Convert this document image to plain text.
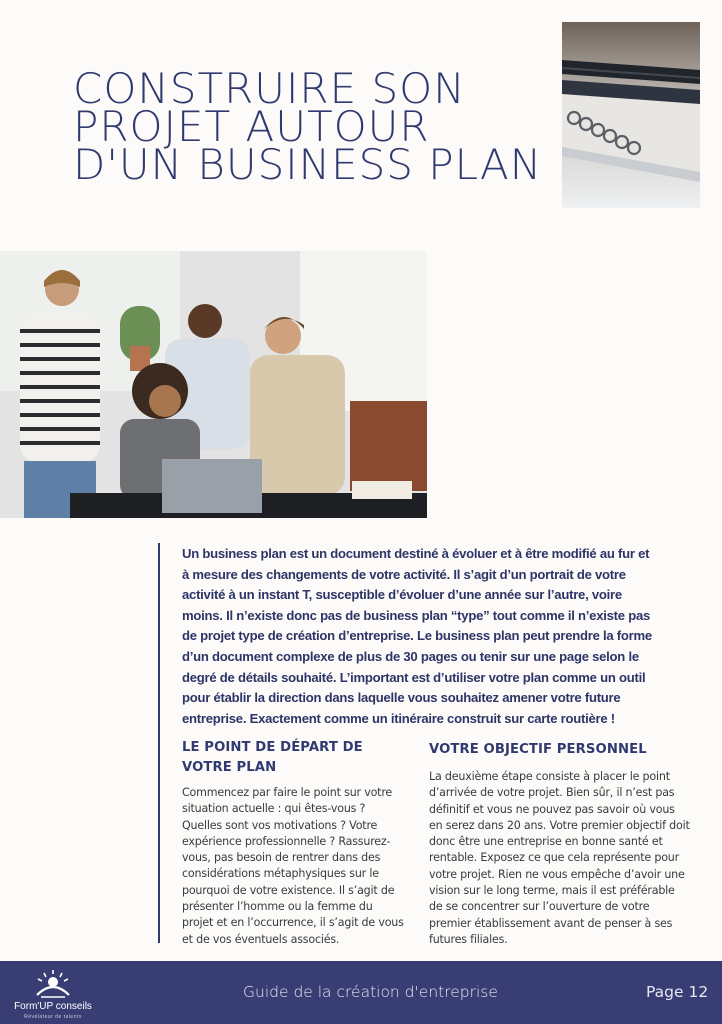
CONSTRUIRE SON PROJET AUTOUR D'UN BUSINESS PLAN

Un business plan est un document destiné à évoluer et à être modifié au fur et à mesure des changements de votre activité. Il s’agit d’un portrait de votre activité à un instant T, susceptible d’évoluer d’une année sur l’autre, voire moins. Il n’existe donc pas de business plan “type” tout comme il n’existe pas de projet type de création d’entreprise. Le business plan peut prendre la forme d’un document complexe de plus de 30 pages ou tenir sur une page selon le degré de détails souhaité. L’important est d’utiliser votre plan comme un outil pour établir la direction dans laquelle vous souhaitez amener votre future entreprise. Exactement comme un itinéraire construit sur carte routière !

LE POINT DE DÉPART DE VOTRE PLAN

Commencez par faire le point sur votre situation actuelle : qui êtes-vous ? Quelles sont vos motivations ? Votre expérience professionnelle ? Rassurez-vous, pas besoin de rentrer dans des considérations métaphysiques sur le pourquoi de votre existence. Il s’agit de présenter l’homme ou la femme du projet et en l’occurrence, il s’agit de vous et de vos éventuels associés.

VOTRE OBJECTIF PERSONNEL

La deuxième étape consiste à placer le point d’arrivée de votre projet. Bien sûr, il n’est pas définitif et vous ne pouvez pas savoir où vous en serez dans 20 ans. Votre premier objectif doit donc être une entreprise en bonne santé et rentable. Exposez ce que cela représente pour votre projet. Rien ne vous empêche d’avoir une vision sur le long terme, mais il est préférable de se concentrer sur l’ouverture de votre premier établissement avant de penser à ses futures filiales.

Form'UP conseils
Révélateur de talents
Guide de la création d'entreprise	Page 12
